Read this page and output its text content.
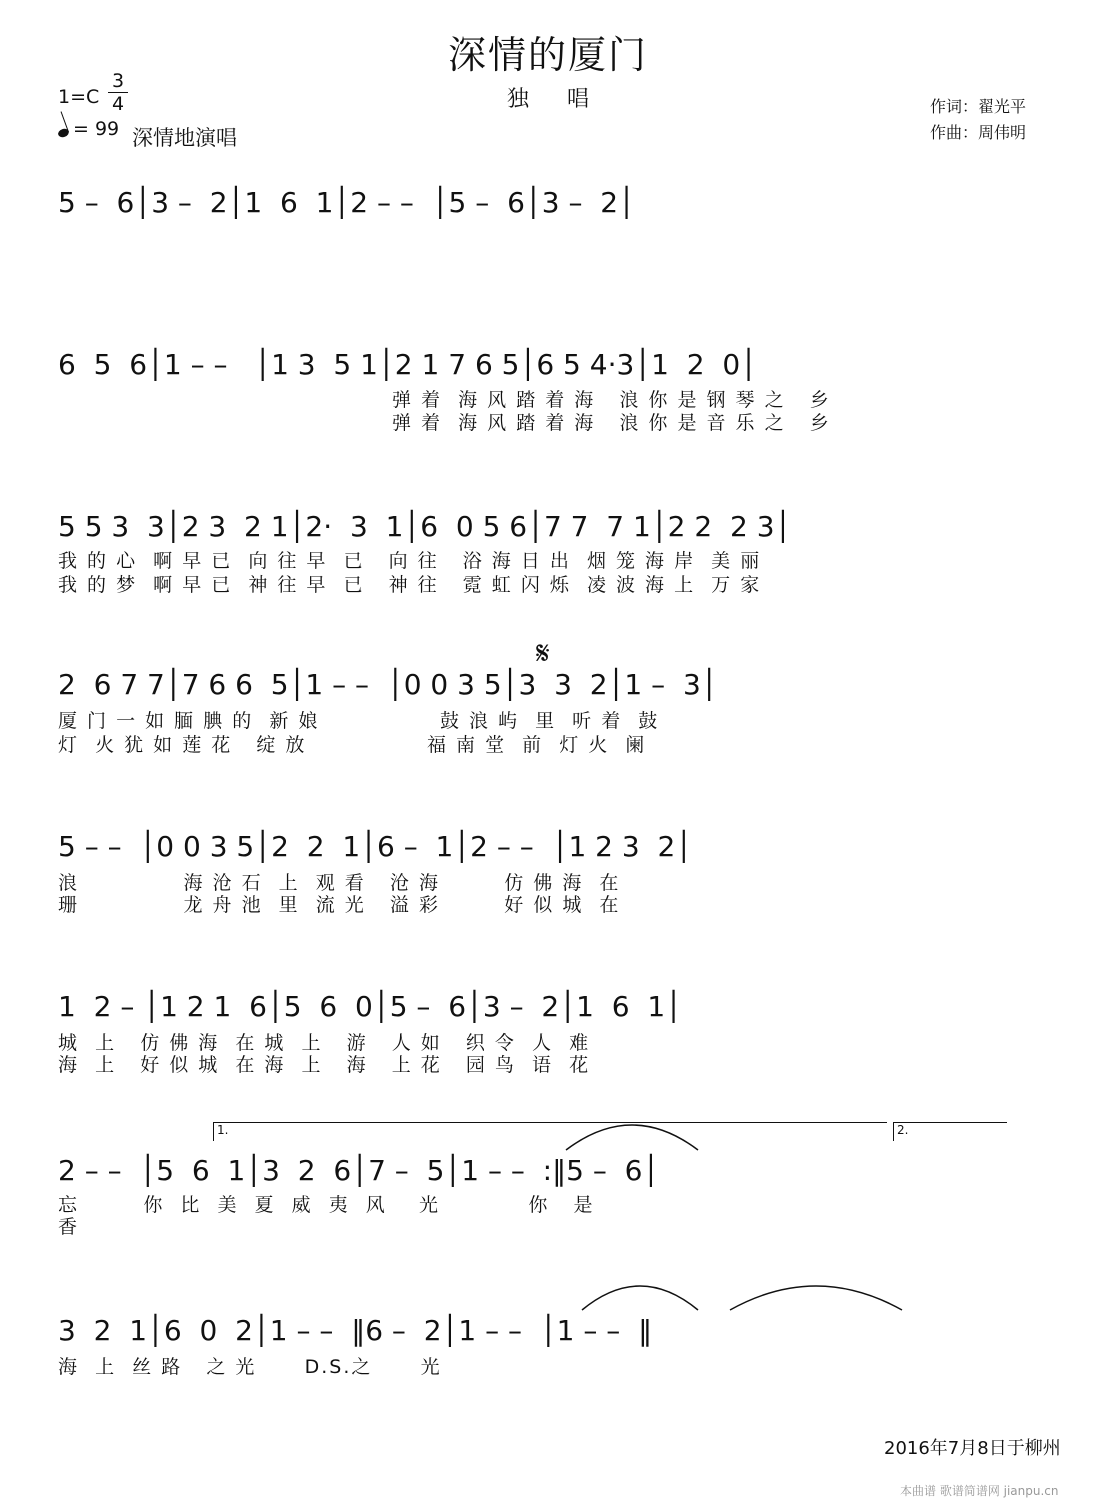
深情的厦门
独唱
1=C
3
4
= 99 深情地演唱
作词：翟光平
作曲：周伟明
5 –  6│3 –  2│1  6  1│2 – –  │5 –  6│3 –  2│
6  5  6│1 – –   │1 3  5 1│2 1 7 6 5│6 5 4·3│1  2  0│
弹 着  海 风 踏 着 海   浪 你 是 钢 琴 之   乡
弹 着  海 风 踏 着 海   浪 你 是 音 乐 之   乡
5 5 3  3│2 3  2 1│2·  3  1│6  0 5 6│7 7  7 1│2 2  2 3│
我 的 心  啊 早 已  向 往 早  已   向 往   浴 海 日 出  烟 笼 海 岸  美 丽
我 的 梦  啊 早 已  神 往 早  已   神 往   霓 虹 闪 烁  凌 波 海 上  万 家
𝄋
2  6 7 7│7 6 6  5│1 – –  │0 0 3 5│3  3  2│1 –  3│
厦 门 一 如 腼 腆 的  新 娘               鼓 浪 屿  里  听 着  鼓
灯  火 犹 如 莲 花   绽 放               福 南 堂  前  灯 火  阑
5 – –  │0 0 3 5│2  2  1│6 –  1│2 – –  │1 2 3  2│
浪             海 沧 石  上  观 看   沧 海        仿 佛 海  在
珊             龙 舟 池  里  流 光   溢 彩        好 似 城  在
1  2 – │1 2 1  6│5  6  0│5 –  6│3 –  2│1  6  1│
城  上   仿 佛 海  在 城  上   游   人 如   织 令  人  难
海  上   好 似 城  在 海  上   海   上 花   园 鸟  语  花
1.	2.
2 – –  │5  6  1│3  2  6│7 –  5│1 – –  :‖5 –  6│
忘        你  比  美  夏  威  夷  风    光           你   是
香
3  2  1│6  0  2│1 – –  ‖6 –  2│1 – –  │1 – –  ‖
海  上  丝 路   之 光      D.S.之      光
2016年7月8日于柳州
本曲谱 歌谱简谱网 jianpu.cn
